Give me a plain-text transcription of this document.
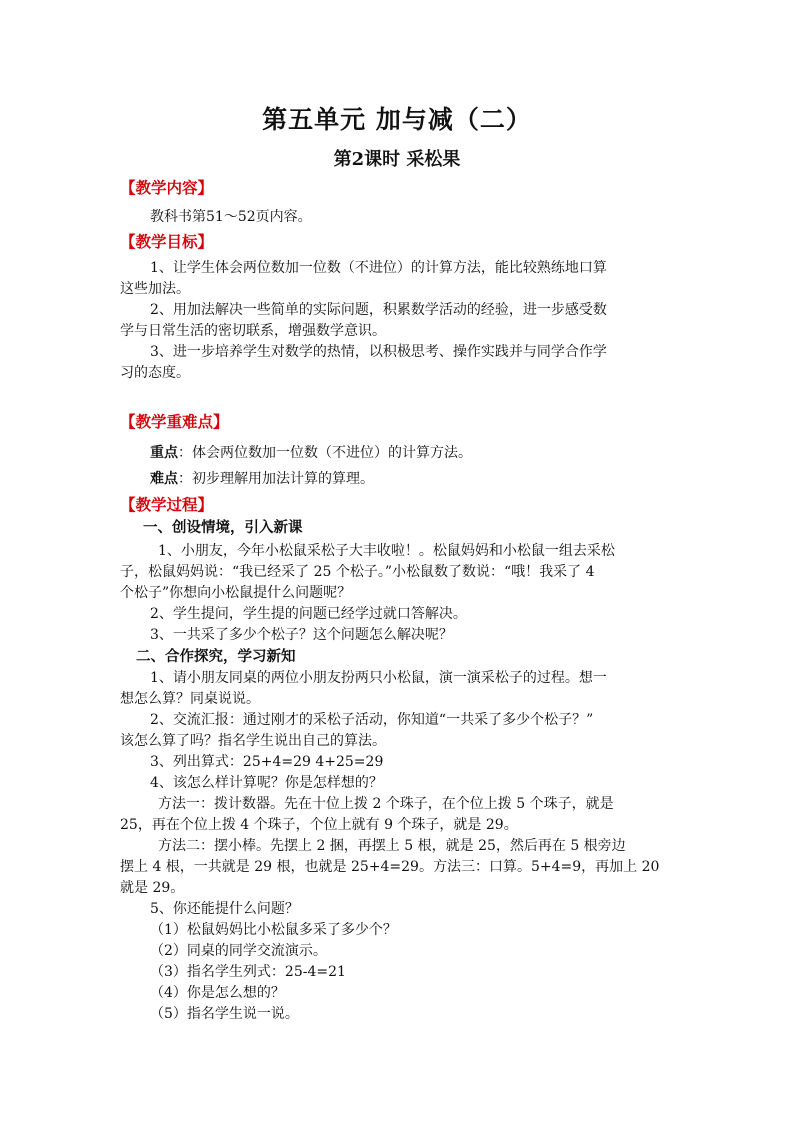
第五单元 加与减（二）
第2课时 采松果
【教学内容】
教科书第51～52页内容。
【教学目标】
1、让学生体会两位数加一位数（不进位）的计算方法，能比较熟练地口算
这些加法。
2、用加法解决一些简单的实际问题，积累数学活动的经验，进一步感受数
学与日常生活的密切联系，增强数学意识。
3、进一步培养学生对数学的热情，以积极思考、操作实践并与同学合作学
习的态度。
【教学重难点】
重点：体会两位数加一位数（不进位）的计算方法。
难点：初步理解用加法计算的算理。
【教学过程】
一、创设情境，引入新课
1、小朋友，今年小松鼠采松子大丰收啦！。松鼠妈妈和小松鼠一组去采松
子，松鼠妈妈说：“我已经采了 25 个松子。”小松鼠数了数说：“哦！我采了 4
个松子”你想向小松鼠提什么问题呢？
2、学生提问，学生提的问题已经学过就口答解决。
3、一共采了多少个松子？这个问题怎么解决呢？
二、合作探究，学习新知
1、请小朋友同桌的两位小朋友扮两只小松鼠，演一演采松子的过程。想一
想怎么算？同桌说说。
2、交流汇报：通过刚才的采松子活动，你知道“一共采了多少个松子？”
该怎么算了吗？指名学生说出自己的算法。
3、列出算式：25+4=29 4+25=29
4、该怎么样计算呢？你是怎样想的？
方法一：拨计数器。先在十位上拨 2 个珠子，在个位上拨 5 个珠子，就是
25，再在个位上拨 4 个珠子，个位上就有 9 个珠子，就是 29。
方法二：摆小棒。先摆上 2 捆，再摆上 5 根，就是 25，然后再在 5 根旁边
摆上 4 根，一共就是 29 根，也就是 25+4=29。方法三：口算。5+4=9，再加上 20
就是 29。
5、你还能提什么问题？
（1）松鼠妈妈比小松鼠多采了多少个？
（2）同桌的同学交流演示。
（3）指名学生列式：25-4=21
（4）你是怎么想的？
（5）指名学生说一说。
